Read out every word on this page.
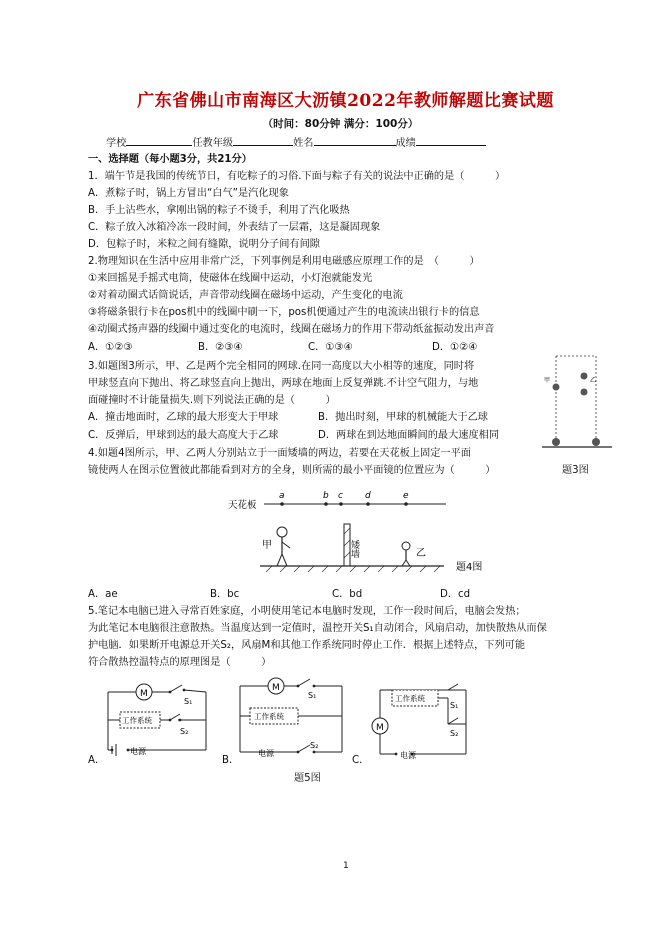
广东省佛山市南海区大沥镇2022年教师解题比赛试题
（时间：80分钟 满分：100分）
学校	任教年级	姓名	成绩
一、选择题（每小题3分，共21分）
1．端午节是我国的传统节日，有吃粽子的习俗.下面与粽子有关的说法中正确的是（　　　）
A．煮粽子时，锅上方冒出“白气”是汽化现象
B．手上沾些水，拿刚出锅的粽子不烫手，利用了汽化吸热
C．粽子放入冰箱冷冻一段时间，外表结了一层霜，这是凝固现象
D．包粽子时，米粒之间有缝隙，说明分子间有间隙
2.物理知识在生活中应用非常广泛，下列事例是利用电磁感应原理工作的是　（　　　）
①来回摇晃手摇式电筒，使磁体在线圈中运动，小灯泡就能发光
②对着动圈式话筒说话，声音带动线圈在磁场中运动，产生变化的电流
③将磁条银行卡在pos机中的线圈中刷一下，pos机便通过产生的电流读出银行卡的信息
④动圈式扬声器的线圈中通过变化的电流时，线圈在磁场力的作用下带动纸盆振动发出声音
A．①②③	B．②③④	C．①③④	D．①②④
3.如题图3所示，甲、乙是两个完全相同的网球.在同一高度以大小相等的速度，同时将
甲球竖直向下抛出、将乙球竖直向上抛出，两球在地面上反复弹跳.不计空气阻力，与地
面碰撞时不计能量损失.则下列说法正确的是（　　　）
A．撞击地面时，乙球的最大形变大于甲球	B．抛出时刻，甲球的机械能大于乙球
C．反弹后，甲球到达的最大高度大于乙球	D．两球在到达地面瞬间的最大速度相同
甲	乙
4.如题4图所示，甲、乙两人分别站立于一面矮墙的两边，若要在天花板上固定一平面
镜使两人在图示位置彼此都能看到对方的全身，则所需的最小平面镜的位置应为（　　　）	题3图
天花板
a	b c d	e
甲	矮墙	乙
题4图
A．ae	B．bc	C．bd	D．cd
5.笔记本电脑已进入寻常百姓家庭，小明使用笔记本电脑时发现，工作一段时间后，电脑会发热；
为此笔记本电脑很注意散热。当温度达到一定值时，温控开关S₁自动闭合，风扇启动，加快散热从而保
护电脑．如果断开电源总开关S₂，风扇M和其他工作系统同时停止工作．根据上述特点，下列可能
符合散热控温特点的原理图是（　　　）
M
S₁
工作系统
S₂
电源
A．
M
S₁
工作系统
电源
S₂
B．
工作系统
S₁
S₂
M
电源
C．
题5图
1
